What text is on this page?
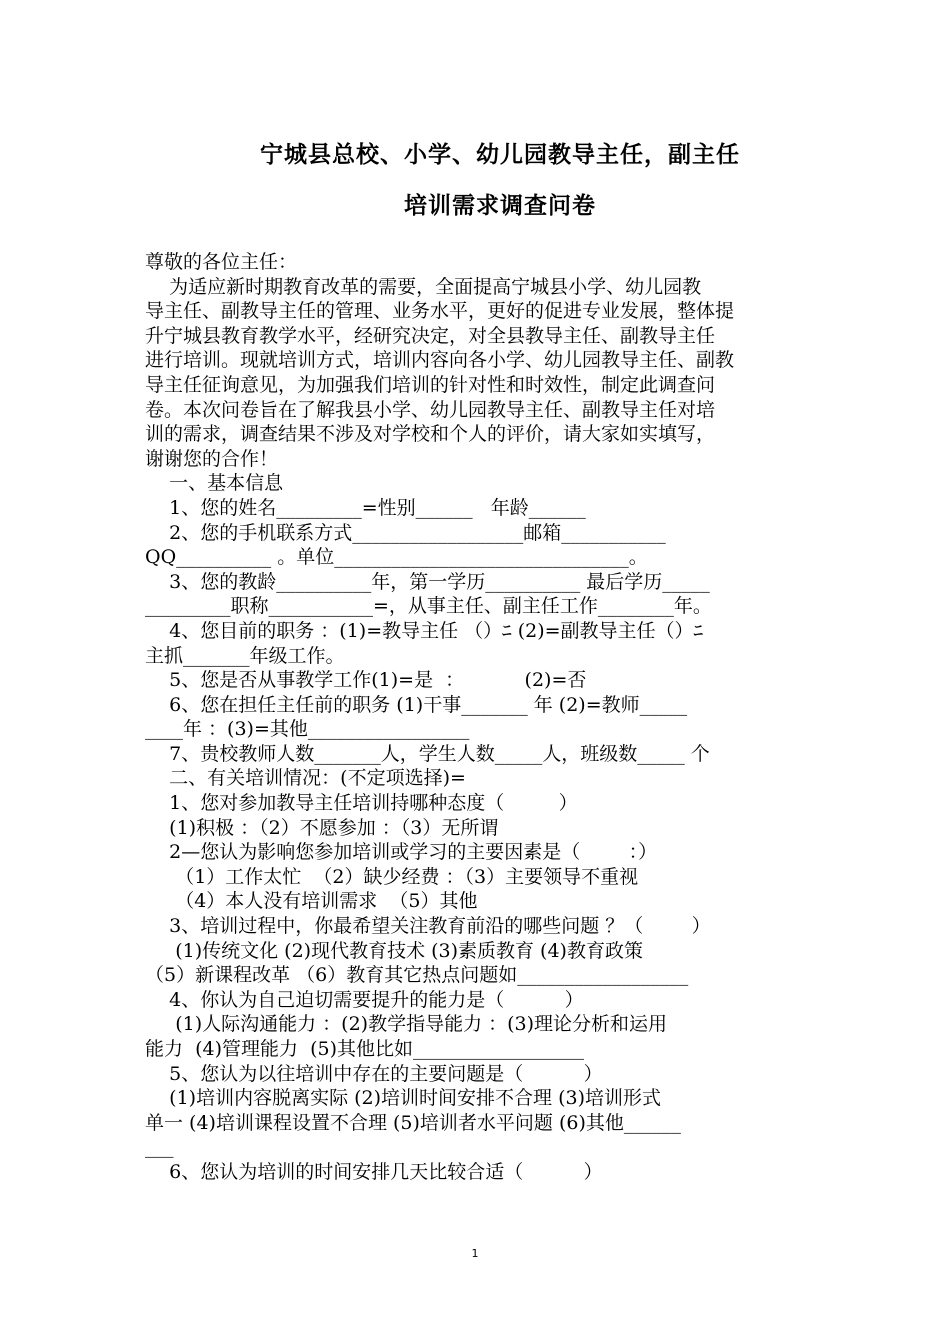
宁城县总校、小学、幼儿园教导主任，副主任
培训需求调查问卷
尊敬的各位主任：
为适应新时期教育改革的需要，全面提高宁城县小学、幼儿园教
导主任、副教导主任的管理、业务水平，更好的促进专业发展，整体提
升宁城县教育教学水平，经研究决定，对全县教导主任、副教导主任
进行培训。现就培训方式，培训内容向各小学、幼儿园教导主任、副教
导主任征询意见，为加强我们培训的针对性和时效性，制定此调查问
卷。本次问卷旨在了解我县小学、幼儿园教导主任、副教导主任对培
训的需求，调查结果不涉及对学校和个人的评价，请大家如实填写，
谢谢您的合作！
一、基本信息
1、您的姓名_________=性别______   年龄______
2、您的手机联系方式__________________邮箱___________
QQ__________ 。单位_______________________________。
3、您的教龄__________年，第一学历__________ 最后学历_____
_________职称___________=，从事主任、副主任工作________年。
4、您目前的职务 ：(1)=教导主任 （）ﾆ (2)=副教导主任（）ﾆ
主抓_______年级工作。
5、您是否从事教学工作(1)=是  ：          (2)=否
6、您在担任主任前的职务 (1)干事_______ 年 (2)=教师_____
____年 ：(3)=其他_________________
7、贵校教师人数_______人，学生人数_____人，班级数_____ 个
二、有关培训情况：(不定项选择)=
1、您对参加教导主任培训持哪种态度（         ）
(1)积极 ：（2）不愿参加 ：（3）无所谓
2—您认为影响您参加培训或学习的主要因素是（        ：）
（1）工作太忙  （2）缺少经费 ：（3）主要领导不重视
（4）本人没有培训需求  （5）其他
3、培训过程中，你最希望关注教育前沿的哪些问题 ？（        ）
(1)传统文化 (2)现代教育技术 (3)素质教育 (4)教育政策
（5）新课程改革 （6）教育其它热点问题如__________________
4、你认为自己迫切需要提升的能力是（          ）
(1)人际沟通能力 ：(2)教学指导能力 ：(3)理论分析和运用
能力  (4)管理能力  (5)其他比如__________________
5、您认为以往培训中存在的主要问题是（          ）
(1)培训内容脱离实际 (2)培训时间安排不合理 (3)培训形式
单一 (4)培训课程设置不合理 (5)培训者水平问题 (6)其他______
___
6、您认为培训的时间安排几天比较合适（          ）
1
